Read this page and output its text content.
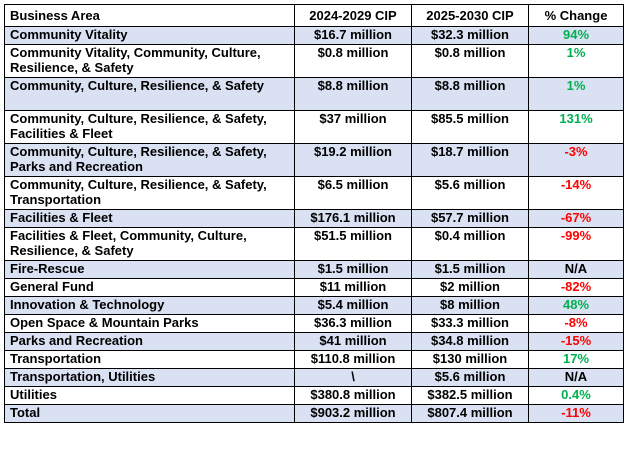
Business Area	2024-2029 CIP	2025-2030 CIP	% Change
Community Vitality	$16.7 million	$32.3 million	94%
Community Vitality, Community, Culture, Resilience, & Safety	$0.8 million	$0.8 million	1%
Community, Culture, Resilience, & Safety	$8.8 million	$8.8 million	1%
Community, Culture, Resilience, & Safety, Facilities & Fleet	$37 million	$85.5 million	131%
Community, Culture, Resilience, & Safety, Parks and Recreation	$19.2 million	$18.7 million	-3%
Community, Culture, Resilience, & Safety, Transportation	$6.5 million	$5.6 million	-14%
Facilities & Fleet	$176.1 million	$57.7 million	-67%
Facilities & Fleet, Community, Culture, Resilience, & Safety	$51.5 million	$0.4 million	-99%
Fire-Rescue	$1.5 million	$1.5 million	N/A
General Fund	$11 million	$2 million	-82%
Innovation & Technology	$5.4 million	$8 million	48%
Open Space & Mountain Parks	$36.3 million	$33.3 million	-8%
Parks and Recreation	$41 million	$34.8 million	-15%
Transportation	$110.8 million	$130 million	17%
Transportation, Utilities	\	$5.6 million	N/A
Utilities	$380.8 million	$382.5 million	0.4%
Total	$903.2 million	$807.4 million	-11%
